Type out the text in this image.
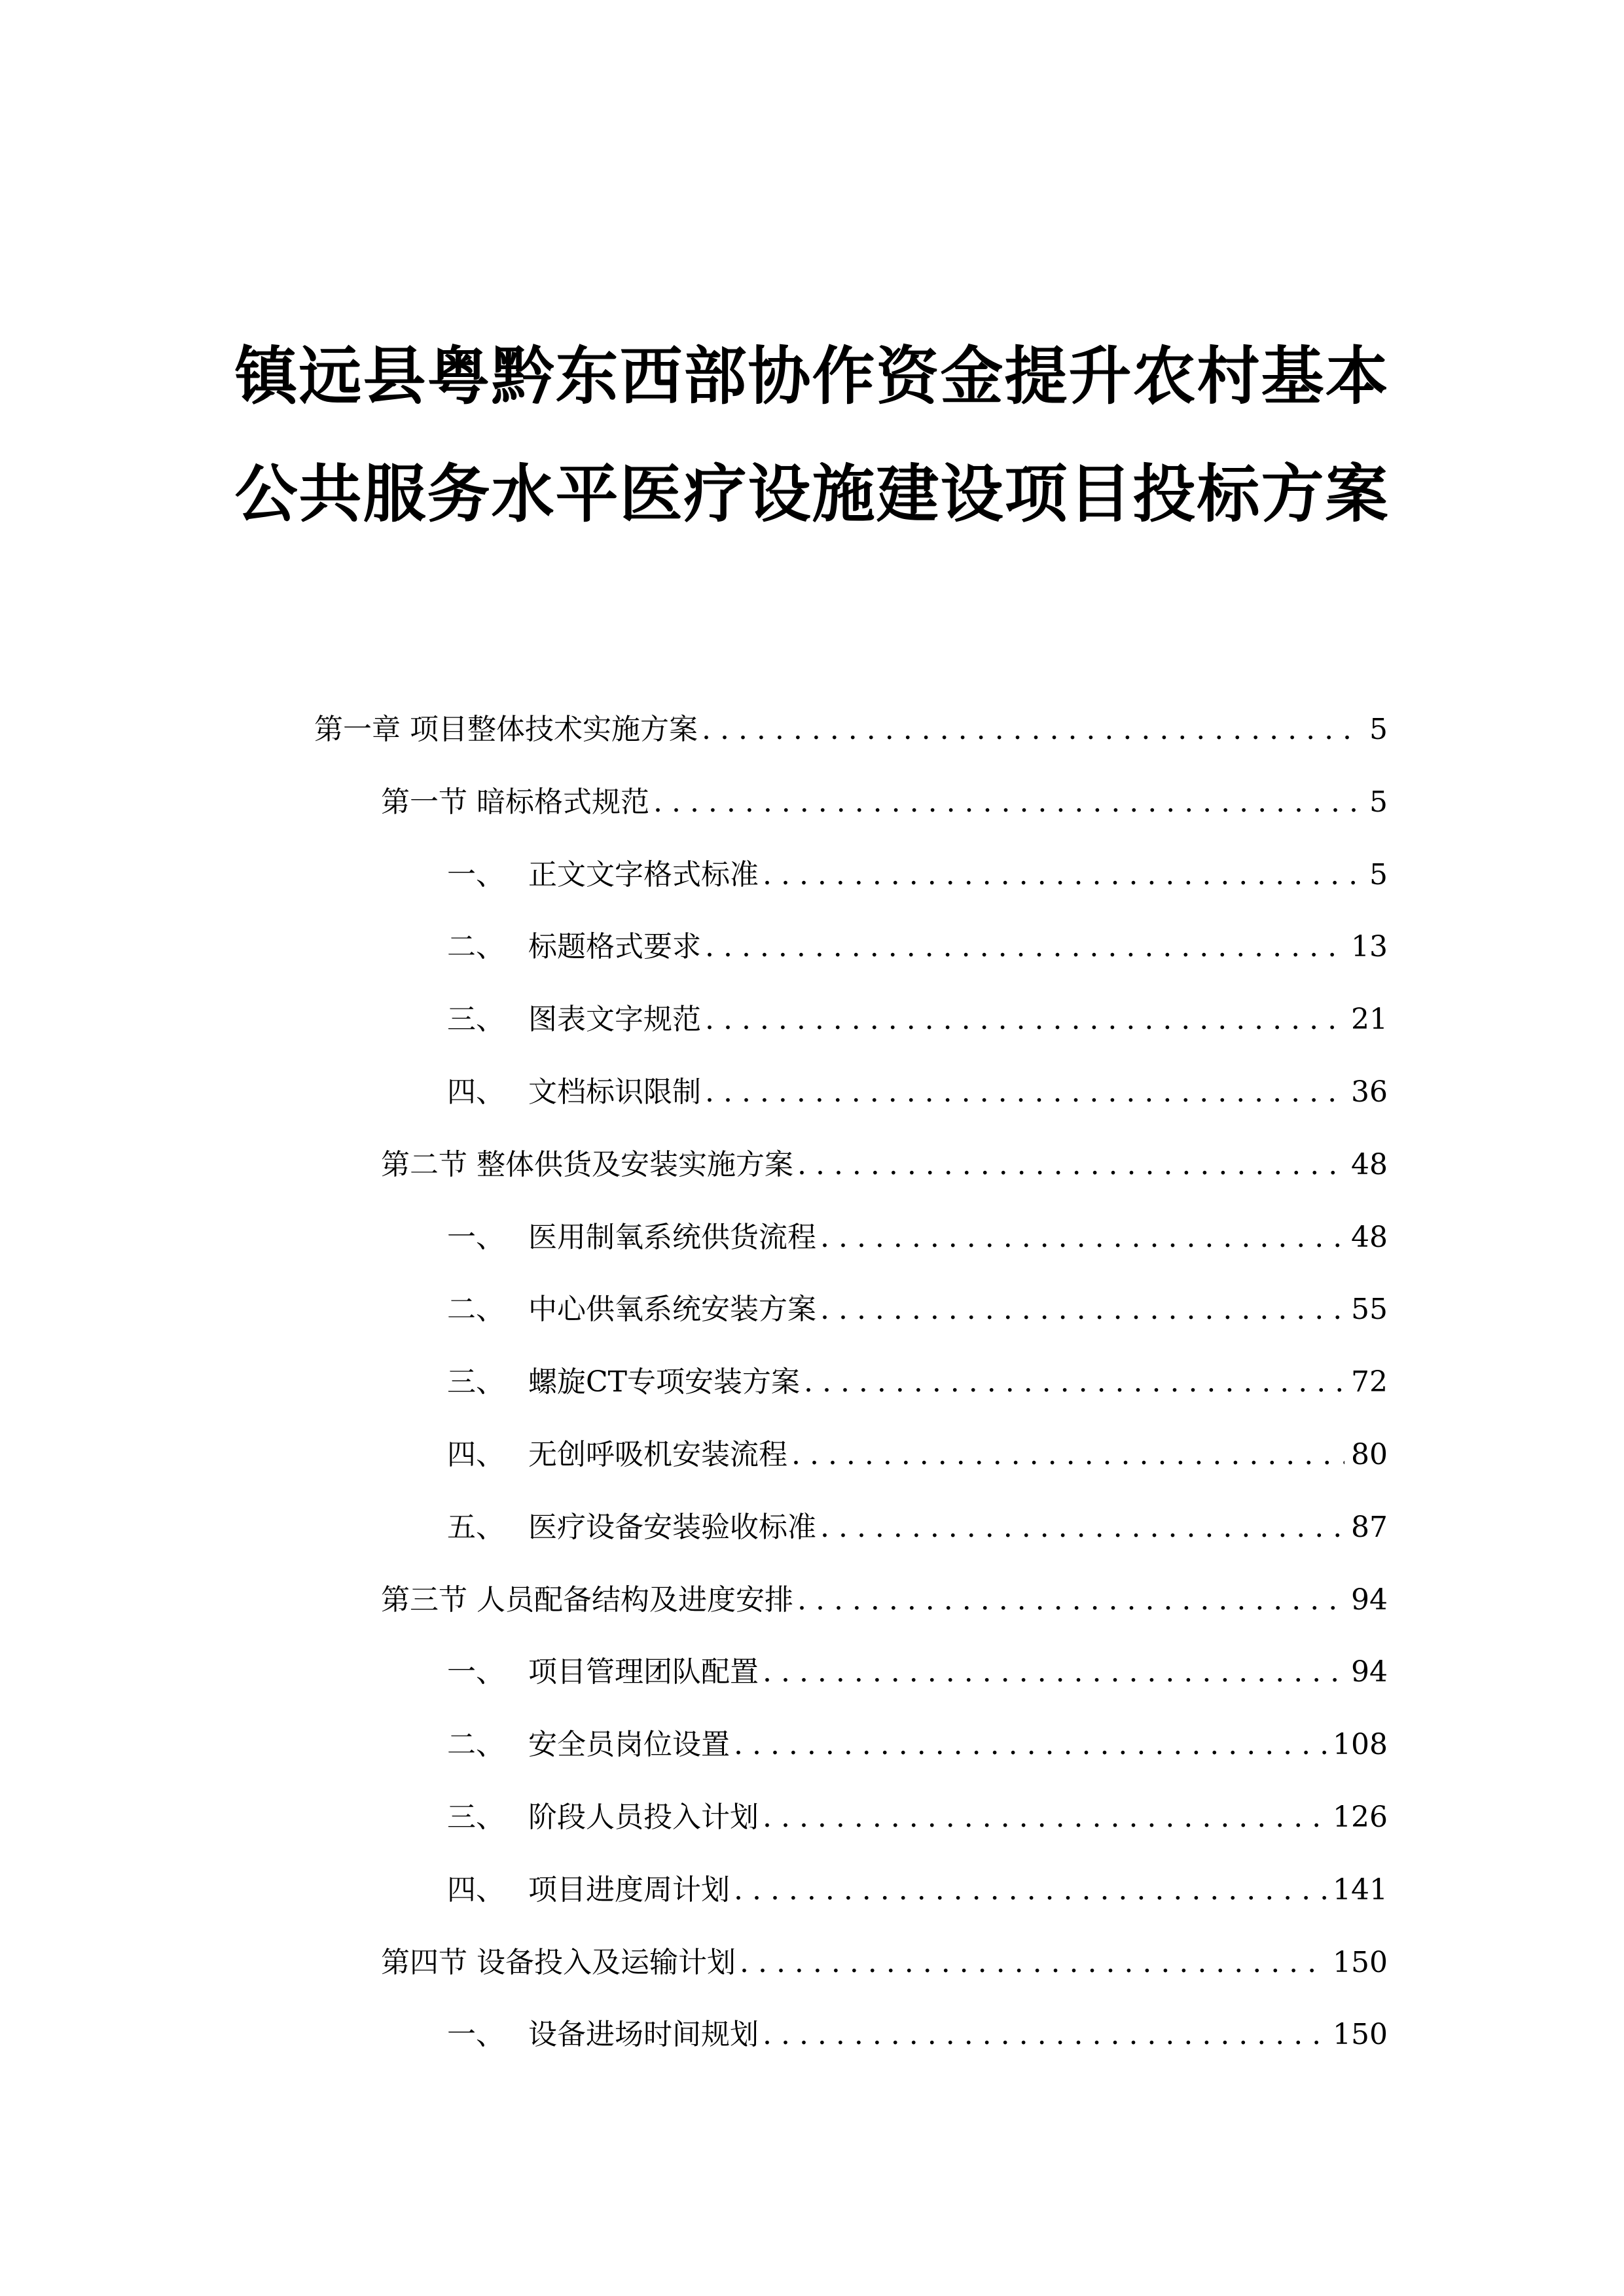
镇远县粤黔东西部协作资金提升农村基本
公共服务水平医疗设施建设项目投标方案
第一章 项目整体技术实施方案 . . .	5
第一节 暗标格式规范 . . .	5
一、 正文文字格式标准 . . .	5
二、 标题格式要求 . . .	13
三、 图表文字规范 . . .	21
四、 文档标识限制 . . .	36
第二节 整体供货及安装实施方案 . . .	48
一、 医用制氧系统供货流程 . . .	48
二、 中心供氧系统安装方案 . . .	55
三、 螺旋CT专项安装方案 . . .	72
四、 无创呼吸机安装流程 . . .	80
五、 医疗设备安装验收标准 . . .	87
第三节 人员配备结构及进度安排 . . .	94
一、 项目管理团队配置 . . .	94
二、 安全员岗位设置 . . .	108
三、 阶段人员投入计划 . . .	126
四、 项目进度周计划 . . .	141
第四节 设备投入及运输计划 . . .	150
一、 设备进场时间规划 . . .	150
